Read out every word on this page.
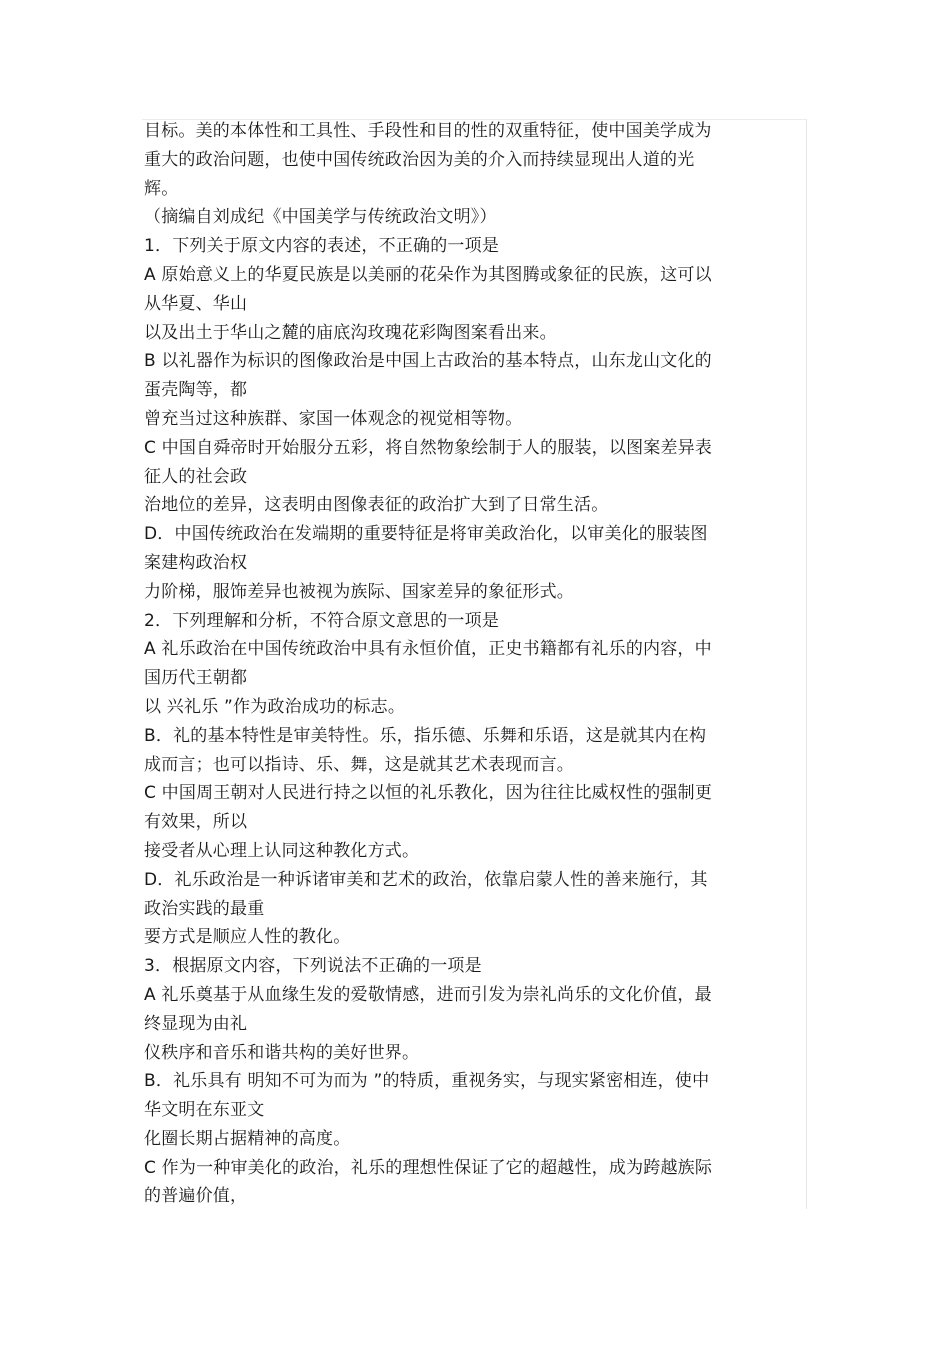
目标。美的本体性和工具性、手段性和目的性的双重特征，使中国美学成为
重大的政治问题，也使中国传统政治因为美的介入而持续显现出人道的光
辉。
（摘编自刘成纪《中国美学与传统政治文明》）
1．下列关于原文内容的表述，不正确的一项是
A 原始意义上的华夏民族是以美丽的花朵作为其图腾或象征的民族，这可以
从华夏、华山
以及出土于华山之麓的庙底沟玫瑰花彩陶图案看出来。
B 以礼器作为标识的图像政治是中国上古政治的基本特点，山东龙山文化的
蛋壳陶等，都
曾充当过这种族群、家国一体观念的视觉相等物。
C 中国自舜帝时开始服分五彩，将自然物象绘制于人的服装，以图案差异表
征人的社会政
治地位的差异，这表明由图像表征的政治扩大到了日常生活。
D．中国传统政治在发端期的重要特征是将审美政治化，以审美化的服装图
案建构政治权
力阶梯，服饰差异也被视为族际、国家差异的象征形式。
2．下列理解和分析，不符合原文意思的一项是
A 礼乐政治在中国传统政治中具有永恒价值，正史书籍都有礼乐的内容，中
国历代王朝都
以 兴礼乐 ”作为政治成功的标志。
B．礼的基本特性是审美特性。乐，指乐德、乐舞和乐语，这是就其内在构
成而言；也可以指诗、乐、舞，这是就其艺术表现而言。
C 中国周王朝对人民进行持之以恒的礼乐教化，因为往往比威权性的强制更
有效果，所以
接受者从心理上认同这种教化方式。
D．礼乐政治是一种诉诸审美和艺术的政治，依靠启蒙人性的善来施行，其
政治实践的最重
要方式是顺应人性的教化。
3．根据原文内容，下列说法不正确的一项是
A 礼乐奠基于从血缘生发的爱敬情感，进而引发为崇礼尚乐的文化价值，最
终显现为由礼
仪秩序和音乐和谐共构的美好世界。
B．礼乐具有 明知不可为而为 ”的特质，重视务实，与现实紧密相连，使中
华文明在东亚文
化圈长期占据精神的高度。
C 作为一种审美化的政治，礼乐的理想性保证了它的超越性，成为跨越族际
的普遍价值，
